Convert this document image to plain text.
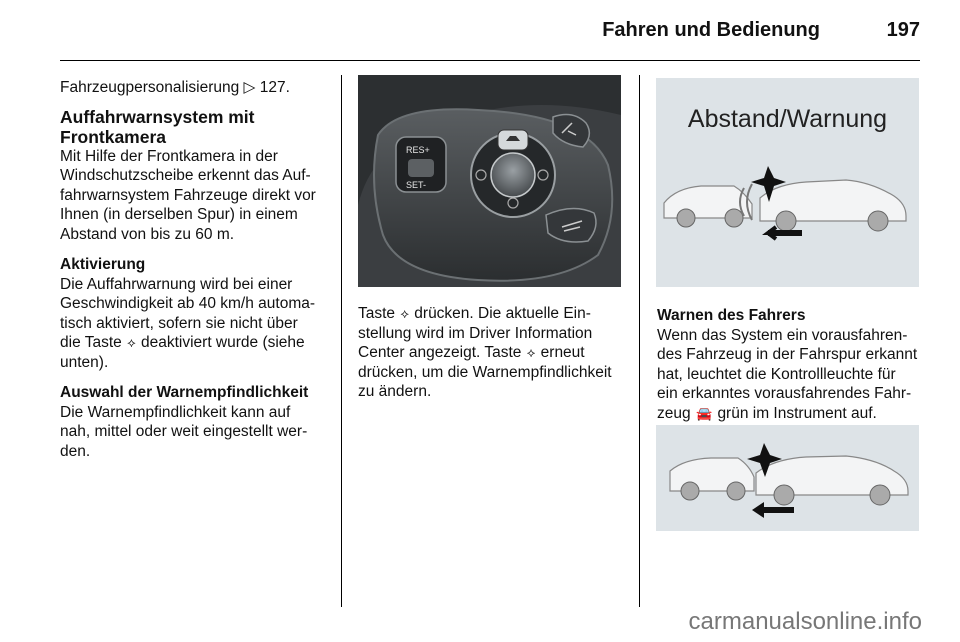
Fahren und Bedienung	197

Fahrzeugpersonalisierung ▷ 127.

Auffahrwarnsystem mit
Frontkamera
Mit Hilfe der Frontkamera in der
Windschutzscheibe erkennt das Auf-
fahrwarnsystem Fahrzeuge direkt vor
Ihnen (in derselben Spur) in einem
Abstand von bis zu 60 m.
Aktivierung
Die Auffahrwarnung wird bei einer
Geschwindigkeit ab 40 km/h automa-
tisch aktiviert, sofern sie nicht über
die Taste ⟡ deaktiviert wurde (siehe
unten).
Auswahl der Warnempfindlichkeit
Die Warnempfindlichkeit kann auf
nah, mittel oder weit eingestellt wer-
den.
RES+
SET-
Taste ⟡ drücken. Die aktuelle Ein-
stellung wird im Driver Information
Center angezeigt. Taste ⟡ erneut
drücken, um die Warnempfindlichkeit
zu ändern.
Abstand/Warnung
Warnen des Fahrers
Wenn das System ein vorausfahren-
des Fahrzeug in der Fahrspur erkannt
hat, leuchtet die Kontrollleuchte für
ein erkanntes vorausfahrendes Fahr-
zeug 🚘 grün im Instrument auf.
carmanualsonline.info
